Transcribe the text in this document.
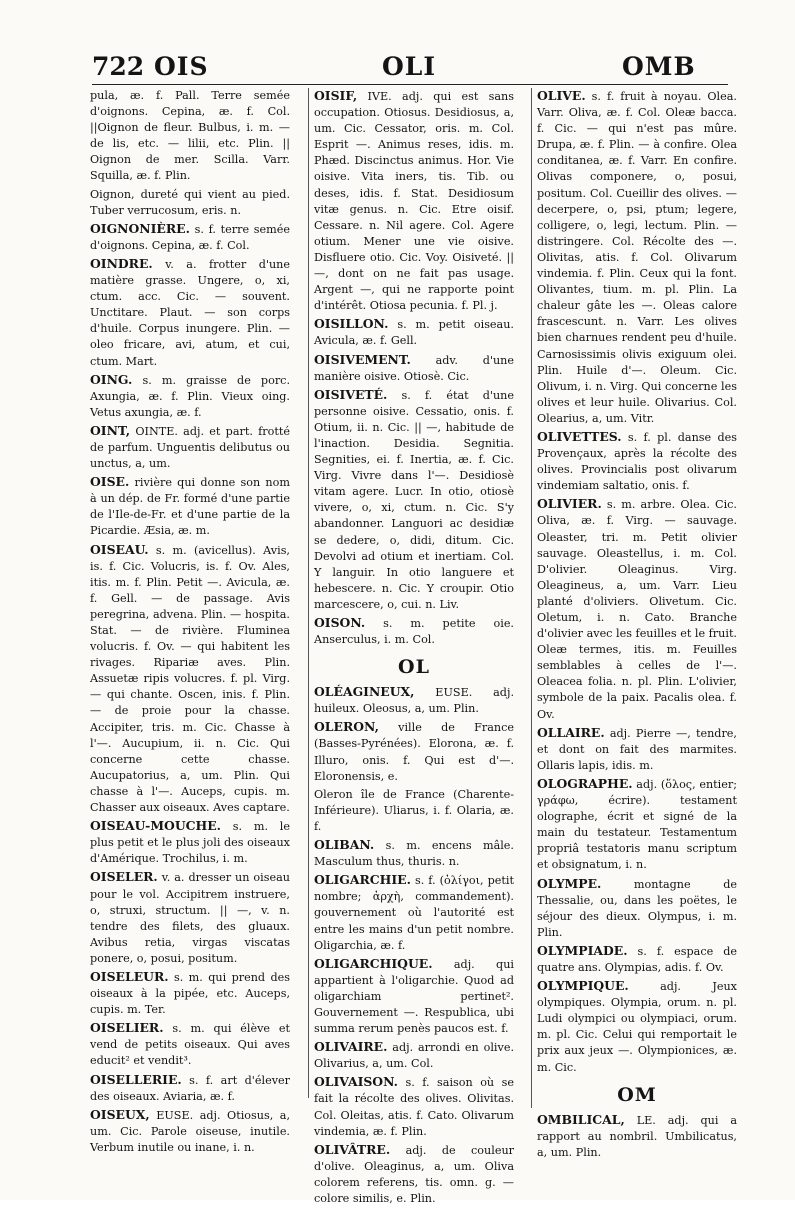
722 OIS	OLI	OMB
pula, æ. f. Pall. Terre semée d'oignons. Cepina, æ. f. Col. ||Oignon de fleur. Bulbus, i. m. — de lis, etc. — lilii, etc. Plin. || Oignon de mer. Scilla. Varr. Squilla, æ. f. Plin.
Oignon, dureté qui vient au pied. Tuber verrucosum, eris. n.
OIGNONIÈRE. s. f. terre semée d'oignons. Cepina, æ. f. Col.
OINDRE. v. a. frotter d'une matière grasse. Ungere, o, xi, ctum. acc. Cic. — souvent. Unctitare. Plaut. — son corps d'huile. Corpus inungere. Plin. — oleo fricare, avi, atum, et cui, ctum. Mart.
OING. s. m. graisse de porc. Axungia, æ. f. Plin. Vieux oing. Vetus axungia, æ. f.
OINT, OINTE. adj. et part. frotté de parfum. Unguentis delibutus ou unctus, a, um.
OISE. rivière qui donne son nom à un dép. de Fr. formé d'une partie de l'Ile-de-Fr. et d'une partie de la Picardie. Æsia, æ. m.
OISEAU. s. m. (avicellus). Avis, is. f. Cic. Volucris, is. f. Ov. Ales, itis. m. f. Plin. Petit —. Avicula, æ. f. Gell. — de passage. Avis peregrina, advena. Plin. — hospita. Stat. — de rivière. Fluminea volucris. f. Ov. — qui habitent les rivages. Ripariæ aves. Plin. Assuetæ ripis volucres. f. pl. Virg. — qui chante. Oscen, inis. f. Plin. — de proie pour la chasse. Accipiter, tris. m. Cic. Chasse à l'—. Aucupium, ii. n. Cic. Qui concerne cette chasse. Aucupatorius, a, um. Plin. Qui chasse à l'—. Auceps, cupis. m. Chasser aux oiseaux. Aves captare.
OISEAU-MOUCHE. s. m. le plus petit et le plus joli des oiseaux d'Amérique. Trochilus, i. m.
OISELER. v. a. dresser un oiseau pour le vol. Accipitrem instruere, o, struxi, structum. || —, v. n. tendre des filets, des gluaux. Avibus retia, virgas viscatas ponere, o, posui, positum.
OISELEUR. s. m. qui prend des oiseaux à la pipée, etc. Auceps, cupis. m. Ter.
OISELIER. s. m. qui élève et vend de petits oiseaux. Qui aves educit² et vendit³.
OISELLERIE. s. f. art d'élever des oiseaux. Aviaria, æ. f.
OISEUX, EUSE. adj. Otiosus, a, um. Cic. Parole oiseuse, inutile. Verbum inutile ou inane, i. n.
OISIF, IVE. adj. qui est sans occupation. Otiosus. Desidiosus, a, um. Cic. Cessator, oris. m. Col. Esprit —. Animus reses, idis. m. Phæd. Discinctus animus. Hor. Vie oisive. Vita iners, tis. Tib. ou deses, idis. f. Stat. Desidiosum vitæ genus. n. Cic. Etre oisif. Cessare. n. Nil agere. Col. Agere otium. Mener une vie oisive. Disfluere otio. Cic. Voy. Oisiveté. || —, dont on ne fait pas usage. Argent —, qui ne rapporte point d'intérêt. Otiosa pecunia. f. Pl. j.
OISILLON. s. m. petit oiseau. Avicula, æ. f. Gell.
OISIVEMENT. adv. d'une manière oisive. Otiosè. Cic.
OISIVETÉ. s. f. état d'une personne oisive. Cessatio, onis. f. Otium, ii. n. Cic. || —, habitude de l'inaction. Desidia. Segnitia. Segnities, ei. f. Inertia, æ. f. Cic. Virg. Vivre dans l'—. Desidiosè vitam agere. Lucr. In otio, otiosè vivere, o, xi, ctum. n. Cic. S'y abandonner. Languori ac desidiæ se dedere, o, didi, ditum. Cic. Devolvi ad otium et inertiam. Col. Y languir. In otio languere et hebescere. n. Cic. Y croupir. Otio marcescere, o, cui. n. Liv.
OISON. s. m. petite oie. Anserculus, i. m. Col.
OL
OLÉAGINEUX, EUSE. adj. huileux. Oleosus, a, um. Plin.
OLERON, ville de France (Basses-Pyrénées). Elorona, æ. f. Illuro, onis. f. Qui est d'—. Eloronensis, e.
Oleron île de France (Charente-Inférieure). Uliarus, i. f. Olaria, æ. f.
OLIBAN. s. m. encens mâle. Masculum thus, thuris. n.
OLIGARCHIE. s. f. (ὀλίγοι, petit nombre; ἀρχὴ, commandement). gouvernement où l'autorité est entre les mains d'un petit nombre. Oligarchia, æ. f.
OLIGARCHIQUE. adj. qui appartient à l'oligarchie. Quod ad oligarchiam pertinet². Gouvernement —. Respublica, ubi summa rerum penès paucos est. f.
OLIVAIRE. adj. arrondi en olive. Olivarius, a, um. Col.
OLIVAISON. s. f. saison où se fait la récolte des olives. Olivitas. Col. Oleitas, atis. f. Cato. Olivarum vindemia, æ. f. Plin.
OLIVÂTRE. adj. de couleur d'olive. Oleaginus, a, um. Oliva colorem referens, tis. omn. g. — colore similis, e. Plin.
OLIVE. s. f. fruit à noyau. Olea. Varr. Oliva, æ. f. Col. Oleæ bacca. f. Cic. — qui n'est pas mûre. Drupa, æ. f. Plin. — à confire. Olea conditanea, æ. f. Varr. En confire. Olivas componere, o, posui, positum. Col. Cueillir des olives. — decerpere, o, psi, ptum; legere, colligere, o, legi, lectum. Plin. — distringere. Col. Récolte des —. Olivitas, atis. f. Col. Olivarum vindemia. f. Plin. Ceux qui la font. Olivantes, tium. m. pl. Plin. La chaleur gâte les —. Oleas calore frascescunt. n. Varr. Les olives bien charnues rendent peu d'huile. Carnosissimis olivis exiguum olei. Plin. Huile d'—. Oleum. Cic. Olivum, i. n. Virg. Qui concerne les olives et leur huile. Olivarius. Col. Olearius, a, um. Vitr.
OLIVETTES. s. f. pl. danse des Provençaux, après la récolte des olives. Provincialis post olivarum vindemiam saltatio, onis. f.
OLIVIER. s. m. arbre. Olea. Cic. Oliva, æ. f. Virg. — sauvage. Oleaster, tri. m. Petit olivier sauvage. Oleastellus, i. m. Col. D'olivier. Oleaginus. Virg. Oleagineus, a, um. Varr. Lieu planté d'oliviers. Olivetum. Cic. Oletum, i. n. Cato. Branche d'olivier avec les feuilles et le fruit. Oleæ termes, itis. m. Feuilles semblables à celles de l'—. Oleacea folia. n. pl. Plin. L'olivier, symbole de la paix. Pacalis olea. f. Ov.
OLLAIRE. adj. Pierre —, tendre, et dont on fait des marmites. Ollaris lapis, idis. m.
OLOGRAPHE. adj. (ὅλος, entier; γράφω, écrire). testament olographe, écrit et signé de la main du testateur. Testamentum propriâ testatoris manu scriptum et obsignatum, i. n.
OLYMPE. montagne de Thessalie, ou, dans les poëtes, le séjour des dieux. Olympus, i. m. Plin.
OLYMPIADE. s. f. espace de quatre ans. Olympias, adis. f. Ov.
OLYMPIQUE. adj. Jeux olympiques. Olympia, orum. n. pl. Ludi olympici ou olympiaci, orum. m. pl. Cic. Celui qui remportait le prix aux jeux —. Olympionices, æ. m. Cic.
OM
OMBILICAL, LE. adj. qui a rapport au nombril. Umbilicatus, a, um. Plin.
